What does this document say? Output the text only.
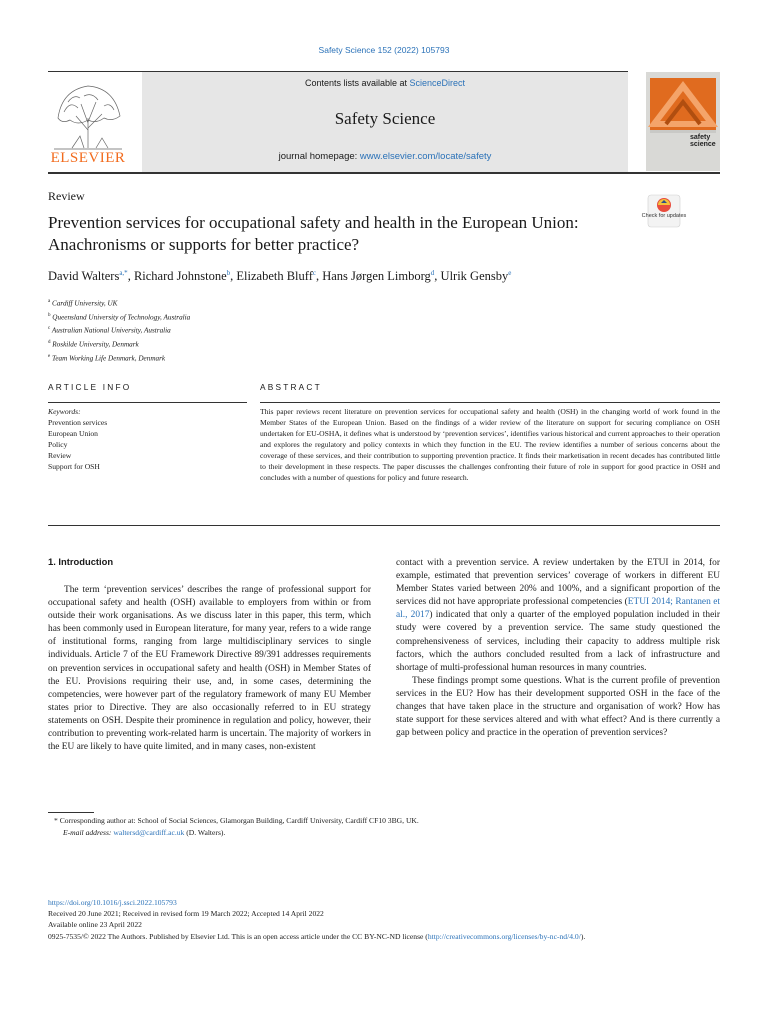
Safety Science 152 (2022) 105793
ELSEVIER
Contents lists available at ScienceDirect
Safety Science
journal homepage: www.elsevier.com/locate/safety
safety science
Review
Prevention services for occupational safety and health in the European Union: Anachronisms or supports for better practice?
Check for updates
David Walters$^{a,*}$, Richard Johnstone$^b$, Elizabeth Bluff$^c$, Hans Jørgen Limborg$^d$, Ulrik Gensby$^e$
$^a$ Cardiff University, UK
$^b$ Queensland University of Technology, Australia
$^c$ Australian National University, Australia
$^d$ Roskilde University, Denmark
$^e$ Team Working Life Denmark, Denmark
ARTICLE INFO
Keywords:
Prevention services
European Union
Policy
Review
Support for OSH
ABSTRACT
This paper reviews recent literature on prevention services for occupational safety and health (OSH) in the changing world of work found in the Member States of the European Union. Based on the findings of a wider review of the literature on support for securing compliance on OSH undertaken for EU-OSHA, it defines what is understood by ‘prevention services’, identifies various historical and current approaches to their operation and explores the regulatory and policy contexts in which they function in the EU. The review identifies a number of serious concerns about the coverage of these services, and their contribution to supporting prevention practice. It finds their marketisation in recent decades has contributed little to their development in these respects. The paper discusses the challenges confronting their future of role in support for good practice in OSH and concludes with a number of questions for policy and future research.
1. Introduction

The term ‘prevention services’ describes the range of professional support for occupational safety and health (OSH) available to employers from within or from outside their work organisations. As we discuss later in this paper, this term, which has been commonly used in European literature, for many year, refers to a wide range of institutional forms, ranging from large multidisciplinary services to single individuals. Article 7 of the EU Framework Directive 89/391 addresses requirements on prevention services in occupational safety and health (OSH) in Member States of the EU. Provisions requiring their use, and, in some cases, determining the competencies, were however part of the regulatory framework of many EU Member states prior to Directive. They are also occasionally referred to in EU strategy statements on OSH. Despite their prominence in regulation and policy, however, their contribution to preventing work-related harm is uncertain. The majority of workers in the EU are likely to have quite limited, and in many cases, non-existent

contact with a prevention service. A review undertaken by the ETUI in 2014, for example, estimated that prevention services’ coverage of workers in different EU Member States varied between 20% and 100%, and a significant proportion of the services did not have appropriate professional competencies (ETUI 2014; Rantanen et al., 2017) indicated that only a quarter of the employed population included in their study were covered by a prevention service. The same study questioned the comprehensiveness of services, including their capacity to address multiple risk factors, which the authors concluded resulted from a lack of infrastructure and shortage of multi-professional human resources in many countries.

These findings prompt some questions. What is the current profile of prevention services in the EU? How has their development supported OSH in the face of the changes that have taken place in the structure and organisation of work? How has state support for these services altered and with what effect? And is there currently a gap between policy and practice in the operation of prevention services?

* Corresponding author at: School of Social Sciences, Glamorgan Building, Cardiff University, Cardiff CF10 3BG, UK.
E-mail address: waltersd@cardiff.ac.uk (D. Walters).
https://doi.org/10.1016/j.ssci.2022.105793
Received 20 June 2021; Received in revised form 19 March 2022; Accepted 14 April 2022
Available online 23 April 2022
0925-7535/© 2022 The Authors. Published by Elsevier Ltd. This is an open access article under the CC BY-NC-ND license (http://creativecommons.org/licenses/by-nc-nd/4.0/).
